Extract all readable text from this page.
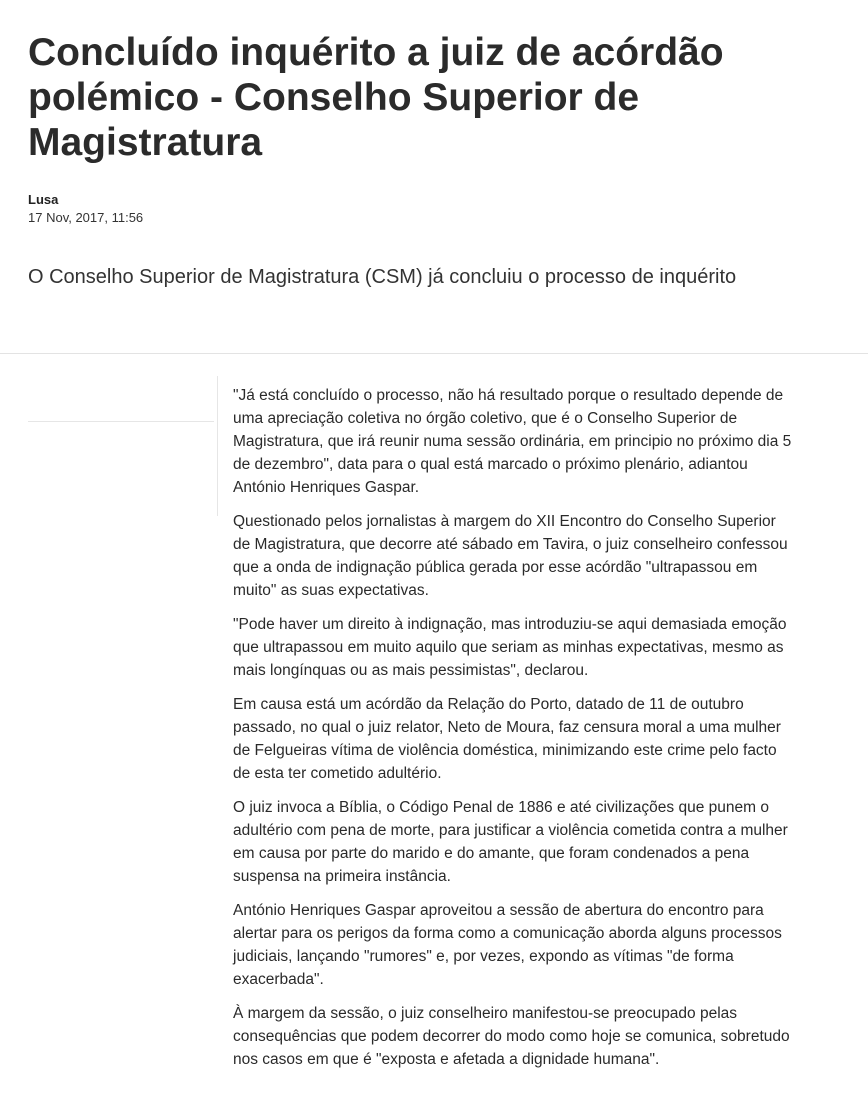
Concluído inquérito a juiz de acórdão polémico - Conselho Superior de Magistratura
Lusa
17 Nov, 2017, 11:56

O Conselho Superior de Magistratura (CSM) já concluiu o processo de inquérito

"Já está concluído o processo, não há resultado porque o resultado depende de uma apreciação coletiva no órgão coletivo, que é o Conselho Superior de Magistratura, que irá reunir numa sessão ordinária, em principio no próximo dia 5 de dezembro", data para o qual está marcado o próximo plenário, adiantou António Henriques Gaspar.

Questionado pelos jornalistas à margem do XII Encontro do Conselho Superior de Magistratura, que decorre até sábado em Tavira, o juiz conselheiro confessou que a onda de indignação pública gerada por esse acórdão "ultrapassou em muito" as suas expectativas.

"Pode haver um direito à indignação, mas introduziu-se aqui demasiada emoção que ultrapassou em muito aquilo que seriam as minhas expectativas, mesmo as mais longínquas ou as mais pessimistas", declarou.

Em causa está um acórdão da Relação do Porto, datado de 11 de outubro passado, no qual o juiz relator, Neto de Moura, faz censura moral a uma mulher de Felgueiras vítima de violência doméstica, minimizando este crime pelo facto de esta ter cometido adultério.

O juiz invoca a Bíblia, o Código Penal de 1886 e até civilizações que punem o adultério com pena de morte, para justificar a violência cometida contra a mulher em causa por parte do marido e do amante, que foram condenados a pena suspensa na primeira instância.

António Henriques Gaspar aproveitou a sessão de abertura do encontro para alertar para os perigos da forma como a comunicação aborda alguns processos judiciais, lançando "rumores" e, por vezes, expondo as vítimas "de forma exacerbada".

À margem da sessão, o juiz conselheiro manifestou-se preocupado pelas consequências que podem decorrer do modo como hoje se comunica, sobretudo nos casos em que é "exposta e afetada a dignidade humana".
